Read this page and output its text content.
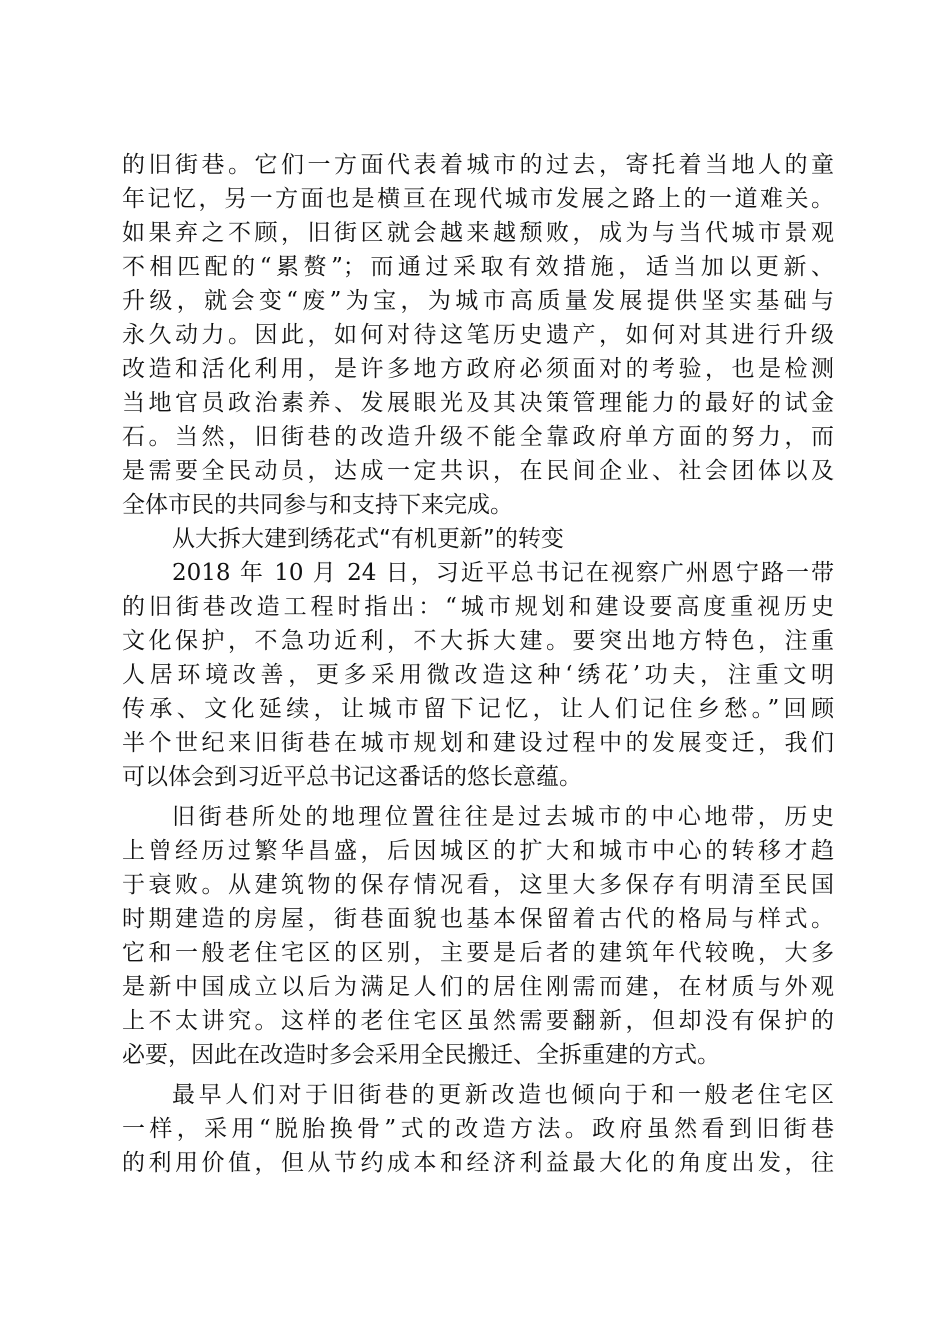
的旧街巷。它们一方面代表着城市的过去，寄托着当地人的童
年记忆，另一方面也是横亘在现代城市发展之路上的一道难关。
如果弃之不顾，旧街区就会越来越颓败，成为与当代城市景观
不相匹配的“累赘”；而通过采取有效措施，适当加以更新、
升级，就会变“废”为宝，为城市高质量发展提供坚实基础与
永久动力。因此，如何对待这笔历史遗产，如何对其进行升级
改造和活化利用，是许多地方政府必须面对的考验，也是检测
当地官员政治素养、发展眼光及其决策管理能力的最好的试金
石。当然，旧街巷的改造升级不能全靠政府单方面的努力，而
是需要全民动员，达成一定共识，在民间企业、社会团体以及
全体市民的共同参与和支持下来完成。
从大拆大建到绣花式“有机更新”的转变
2018 年 10 月 24 日，习近平总书记在视察广州恩宁路一带
的旧街巷改造工程时指出：“城市规划和建设要高度重视历史
文化保护，不急功近利，不大拆大建。要突出地方特色，注重
人居环境改善，更多采用微改造这种‘绣花’功夫，注重文明
传承、文化延续，让城市留下记忆，让人们记住乡愁。”回顾
半个世纪来旧街巷在城市规划和建设过程中的发展变迁，我们
可以体会到习近平总书记这番话的悠长意蕴。
旧街巷所处的地理位置往往是过去城市的中心地带，历史
上曾经历过繁华昌盛，后因城区的扩大和城市中心的转移才趋
于衰败。从建筑物的保存情况看，这里大多保存有明清至民国
时期建造的房屋，街巷面貌也基本保留着古代的格局与样式。
它和一般老住宅区的区别，主要是后者的建筑年代较晚，大多
是新中国成立以后为满足人们的居住刚需而建，在材质与外观
上不太讲究。这样的老住宅区虽然需要翻新，但却没有保护的
必要，因此在改造时多会采用全民搬迁、全拆重建的方式。
最早人们对于旧街巷的更新改造也倾向于和一般老住宅区
一样，采用“脱胎换骨”式的改造方法。政府虽然看到旧街巷
的利用价值，但从节约成本和经济利益最大化的角度出发，往
